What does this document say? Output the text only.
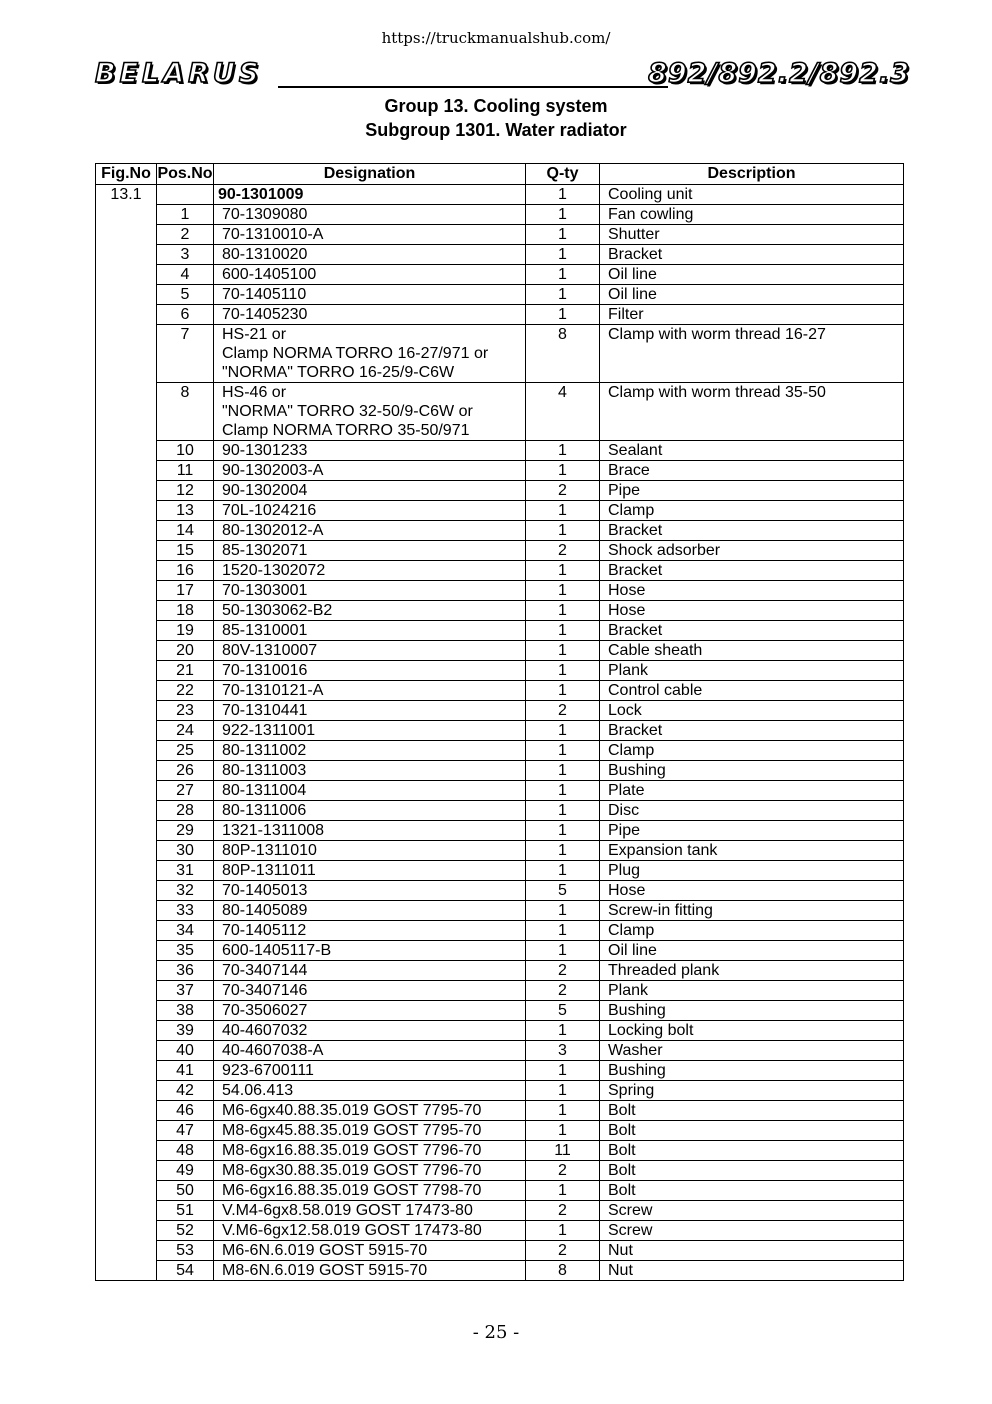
https://truckmanualshub.com/
BELARUS	892/892.2/892.3
Group 13. Cooling system
Subgroup 1301. Water radiator
Fig.No	Pos.No	Designation	Q-ty	Description
13.1		90-1301009	1	Cooling unit
	1	70-1309080	1	Fan cowling
	2	70-1310010-A	1	Shutter
	3	80-1310020	1	Bracket
	4	600-1405100	1	Oil line
	5	70-1405110	1	Oil line
	6	70-1405230	1	Filter
	7	HS-21 or
Clamp NORMA TORRO 16-27/971 or
"NORMA" TORRO 16-25/9-C6W	8	Clamp with worm thread 16-27
	8	HS-46 or
"NORMA" TORRO 32-50/9-C6W or
Clamp NORMA TORRO 35-50/971	4	Clamp with worm thread 35-50
	10	90-1301233	1	Sealant
	11	90-1302003-A	1	Brace
	12	90-1302004	2	Pipe
	13	70L-1024216	1	Clamp
	14	80-1302012-A	1	Bracket
	15	85-1302071	2	Shock adsorber
	16	1520-1302072	1	Bracket
	17	70-1303001	1	Hose
	18	50-1303062-B2	1	Hose
	19	85-1310001	1	Bracket
	20	80V-1310007	1	Cable sheath
	21	70-1310016	1	Plank
	22	70-1310121-A	1	Control cable
	23	70-1310441	2	Lock
	24	922-1311001	1	Bracket
	25	80-1311002	1	Clamp
	26	80-1311003	1	Bushing
	27	80-1311004	1	Plate
	28	80-1311006	1	Disc
	29	1321-1311008	1	Pipe
	30	80P-1311010	1	Expansion tank
	31	80P-1311011	1	Plug
	32	70-1405013	5	Hose
	33	80-1405089	1	Screw-in fitting
	34	70-1405112	1	Clamp
	35	600-1405117-B	1	Oil line
	36	70-3407144	2	Threaded plank
	37	70-3407146	2	Plank
	38	70-3506027	5	Bushing
	39	40-4607032	1	Locking bolt
	40	40-4607038-A	3	Washer
	41	923-6700111	1	Bushing
	42	54.06.413	1	Spring
	46	M6-6gx40.88.35.019 GOST 7795-70	1	Bolt
	47	M8-6gx45.88.35.019 GOST 7795-70	1	Bolt
	48	M8-6gx16.88.35.019 GOST 7796-70	11	Bolt
	49	M8-6gx30.88.35.019 GOST 7796-70	2	Bolt
	50	M6-6gx16.88.35.019 GOST 7798-70	1	Bolt
	51	V.M4-6gx8.58.019 GOST 17473-80	2	Screw
	52	V.M6-6gx12.58.019 GOST 17473-80	1	Screw
	53	M6-6N.6.019 GOST 5915-70	2	Nut
	54	M8-6N.6.019 GOST 5915-70	8	Nut
- 25 -
